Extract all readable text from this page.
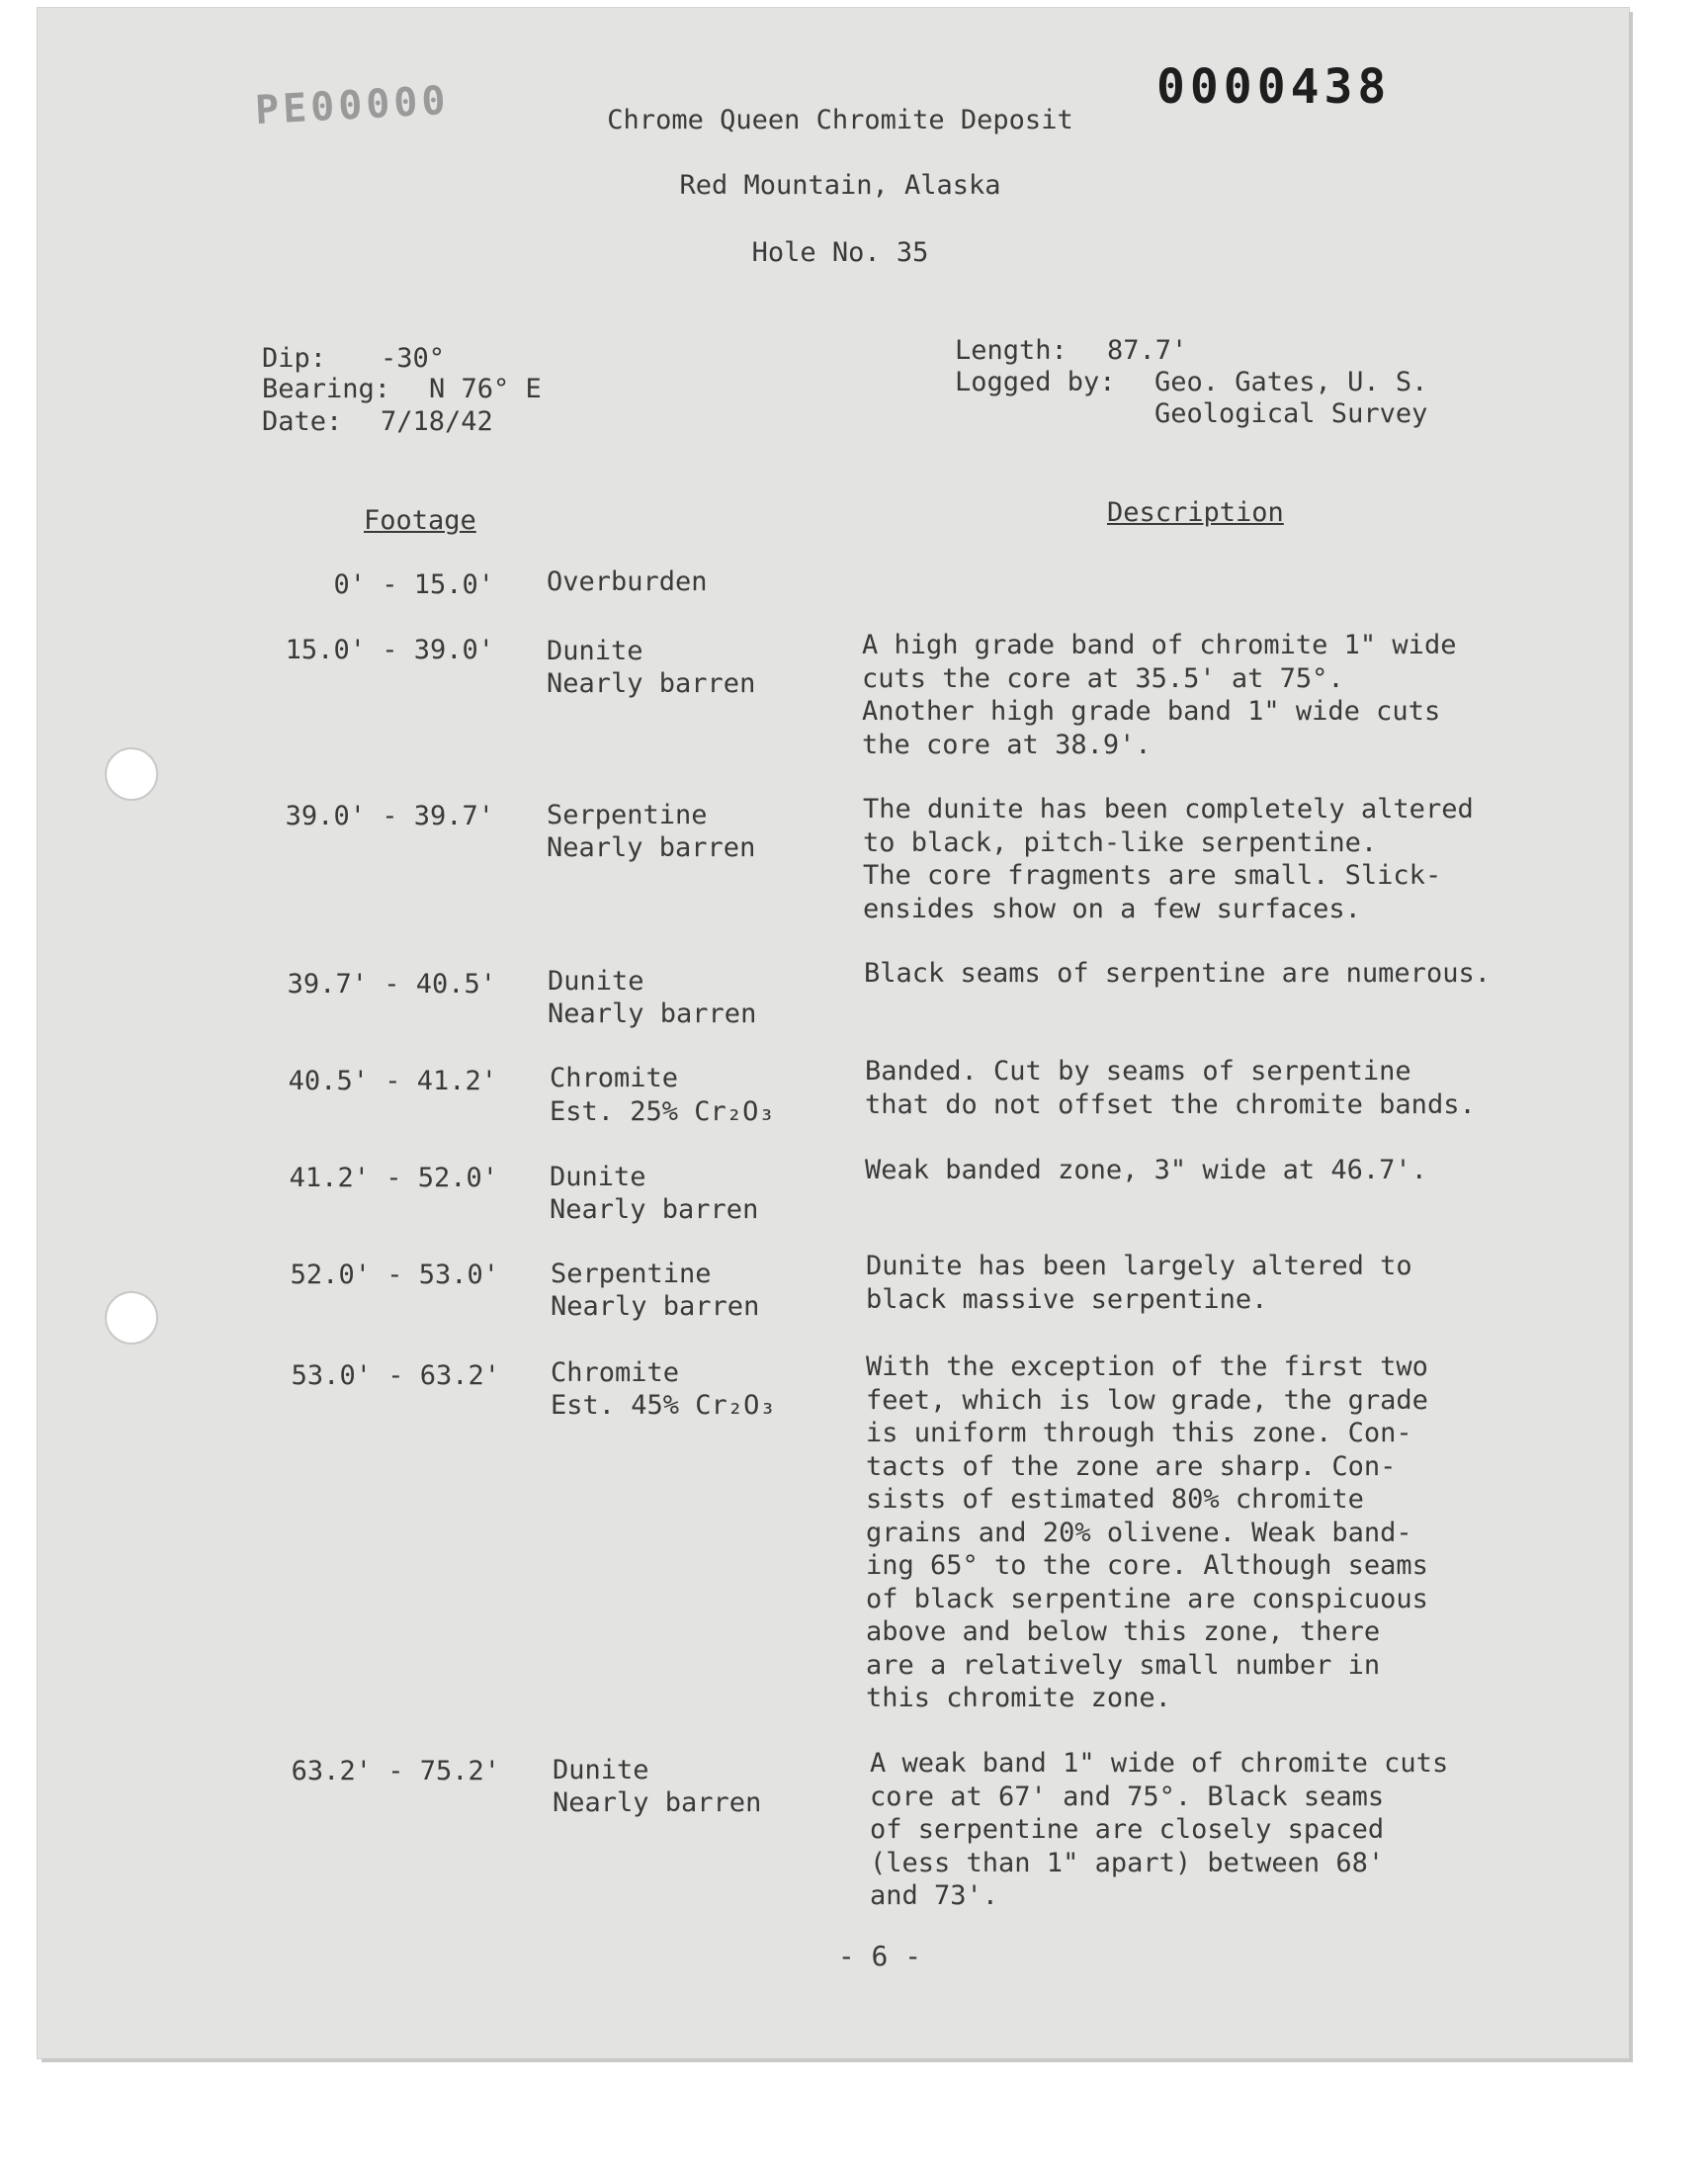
PE00000	0000438
Chrome Queen Chromite Deposit
Red Mountain, Alaska
Hole No. 35
Dip: -30°
Bearing: N 76° E
Date: 7/18/42
Length: 87.7'
Logged by: Geo. Gates, U. S.
Geological Survey
Footage	Description
0' - 15.0' Overburden
15.0' - 39.0' Dunite
Nearly barren
A high grade band of chromite 1" wide
cuts the core at 35.5' at 75°.
Another high grade band 1" wide cuts
the core at 38.9'.
39.0' - 39.7' Serpentine
Nearly barren
The dunite has been completely altered
to black, pitch-like serpentine.
The core fragments are small. Slick-
ensides show on a few surfaces.
39.7' - 40.5' Dunite
Nearly barren
Black seams of serpentine are numerous.
40.5' - 41.2' Chromite
Est. 25% Cr₂O₃
Banded. Cut by seams of serpentine
that do not offset the chromite bands.
41.2' - 52.0' Dunite
Nearly barren
Weak banded zone, 3" wide at 46.7'.
52.0' - 53.0' Serpentine
Nearly barren
Dunite has been largely altered to
black massive serpentine.
53.0' - 63.2' Chromite
Est. 45% Cr₂O₃
With the exception of the first two
feet, which is low grade, the grade
is uniform through this zone. Con-
tacts of the zone are sharp. Con-
sists of estimated 80% chromite
grains and 20% olivene. Weak band-
ing 65° to the core. Although seams
of black serpentine are conspicuous
above and below this zone, there
are a relatively small number in
this chromite zone.
63.2' - 75.2' Dunite
Nearly barren
A weak band 1" wide of chromite cuts
core at 67' and 75°. Black seams
of serpentine are closely spaced
(less than 1" apart) between 68'
and 73'.
- 6 -
